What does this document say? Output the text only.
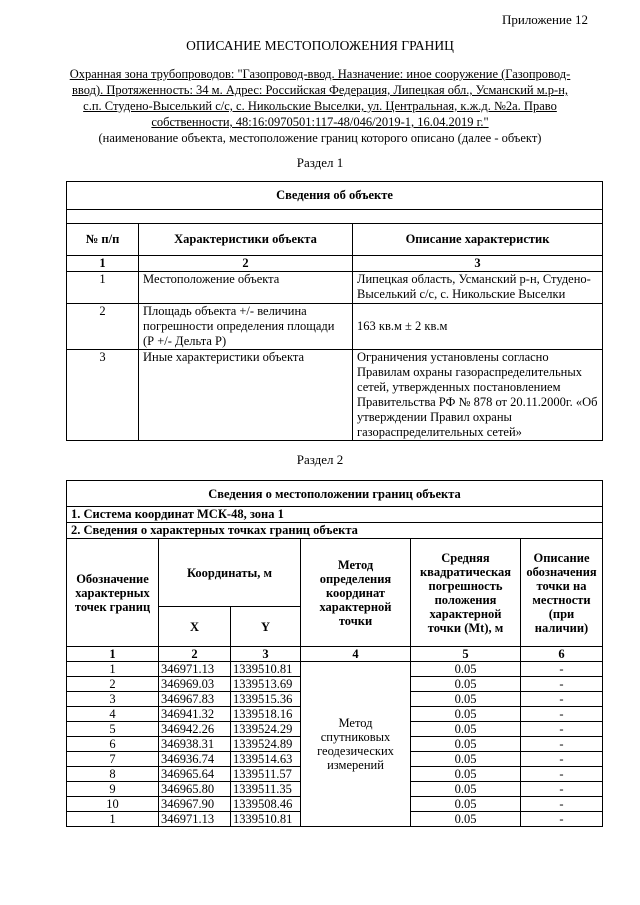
Приложение 12
ОПИСАНИЕ МЕСТОПОЛОЖЕНИЯ ГРАНИЦ
Охранная зона трубопроводов: "Газопровод-ввод. Назначение: иное сооружение (Газопровод-ввод). Протяженность: 34 м. Адрес: Российская Федерация, Липецкая обл., Усманский м.р-н, с.п. Студено-Выселький с/с, с. Никольские Выселки, ул. Центральная, к.ж.д. №2а. Право собственности, 48:16:0970501:117-48/046/2019-1, 16.04.2019 г."
(наименование объекта, местоположение границ которого описано (далее - объект)
Раздел 1
Сведения об объекте		

№ п/п	Характеристики объекта	Описание характеристик
1	2	3
1	Местоположение объекта	Липецкая область, Усманский р-н, Студено-Выселький с/с, с. Никольские Выселки
2	Площадь объекта +/- величина погрешности определения площади (Р +/- Дельта Р)	163 кв.м ± 2 кв.м
3	Иные характеристики объекта	Ограничения установлены согласно Правилам охраны газораспределительных сетей, утвержденных постановлением Правительства РФ № 878 от 20.11.2000г. «Об утверждении Правил охраны газораспределительных сетей»
Раздел 2
Сведения о местоположении границ объекта					
1. Система координат МСК-48, зона 1					
2. Сведения о характерных точках границ объекта					
Обозначение характерных точек границ	Координаты, м		Метод определения координат характерной точки	Средняя квадратическая погрешность положения характерной точки (Mt), м	Описание обозначения точки на местности (при наличии)
	X	Y			
1	2	3	4	5	6
1	346971.13	1339510.81	Метод спутниковых геодезических измерений	0.05	-
2	346969.03	1339513.69		0.05	-
3	346967.83	1339515.36		0.05	-
4	346941.32	1339518.16		0.05	-
5	346942.26	1339524.29		0.05	-
6	346938.31	1339524.89		0.05	-
7	346936.74	1339514.63		0.05	-
8	346965.64	1339511.57		0.05	-
9	346965.80	1339511.35		0.05	-
10	346967.90	1339508.46		0.05	-
1	346971.13	1339510.81		0.05	-
